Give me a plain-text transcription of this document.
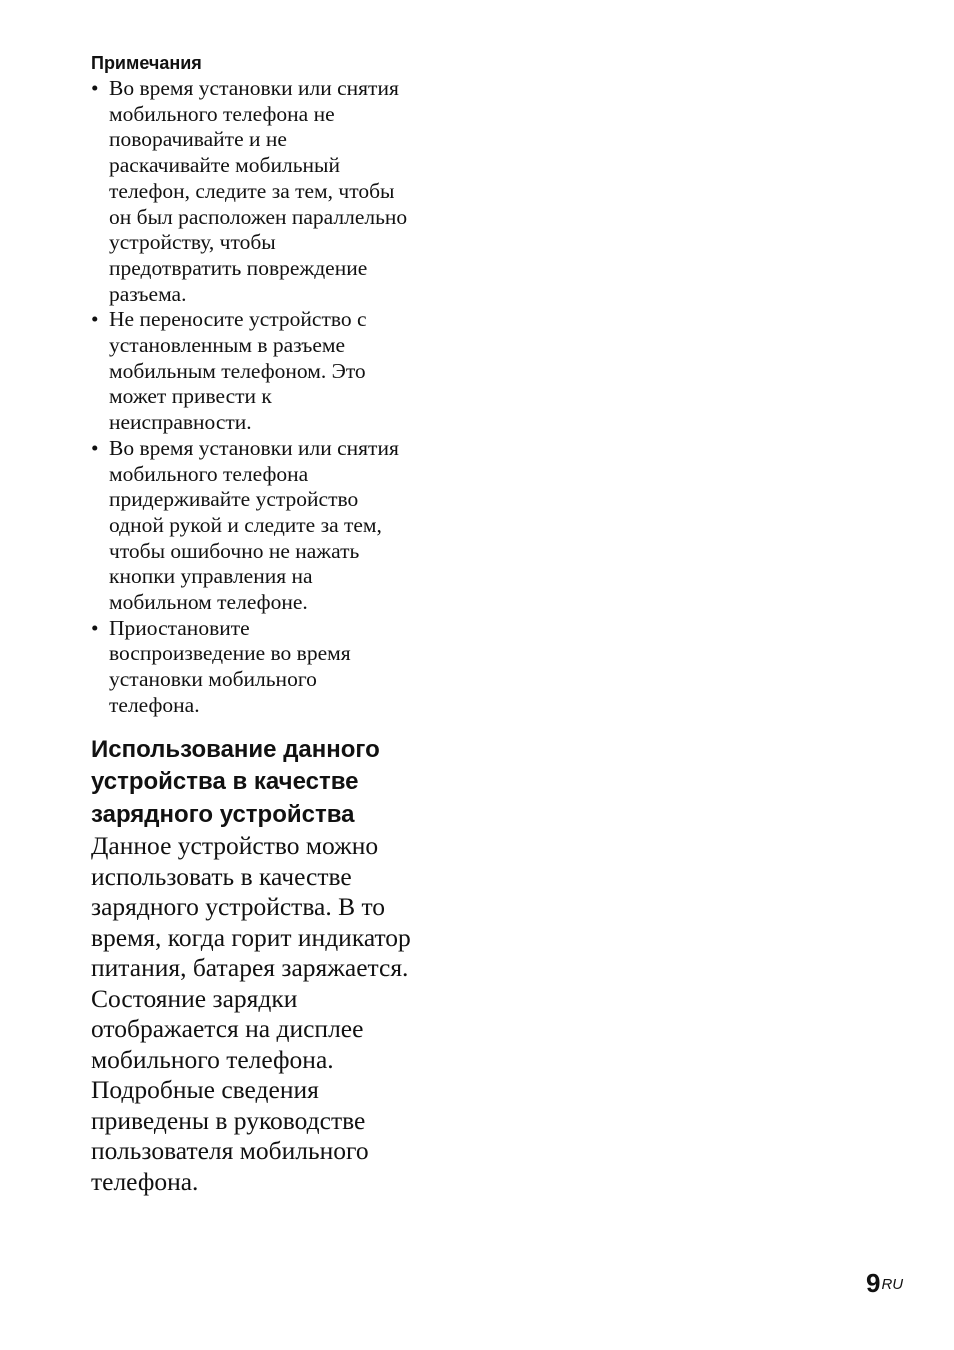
Примечания
• Во время установки или снятия
мобильного телефона не
поворачивайте и не
раскачивайте мобильный
телефон, следите за тем, чтобы
он был расположен параллельно
устройству, чтобы
предотвратить повреждение
разъема.
• Не переносите устройство с
установленным в разъеме
мобильным телефоном. Это
может привести к
неисправности.
• Во время установки или снятия
мобильного телефона
придерживайте устройство
одной рукой и следите за тем,
чтобы ошибочно не нажать
кнопки управления на
мобильном телефоне.
• Приостановите
воспроизведение во время
установки мобильного
телефона.
Использование данного
устройства в качестве
зарядного устройства

Данное устройство можно
использовать в качестве
зарядного устройства. В то
время, когда горит индикатор
питания, батарея заряжается.
Состояние зарядки
отображается на дисплее
мобильного телефона.
Подробные сведения
приведены в руководстве
пользователя мобильного
телефона.

$9^{RU}$
